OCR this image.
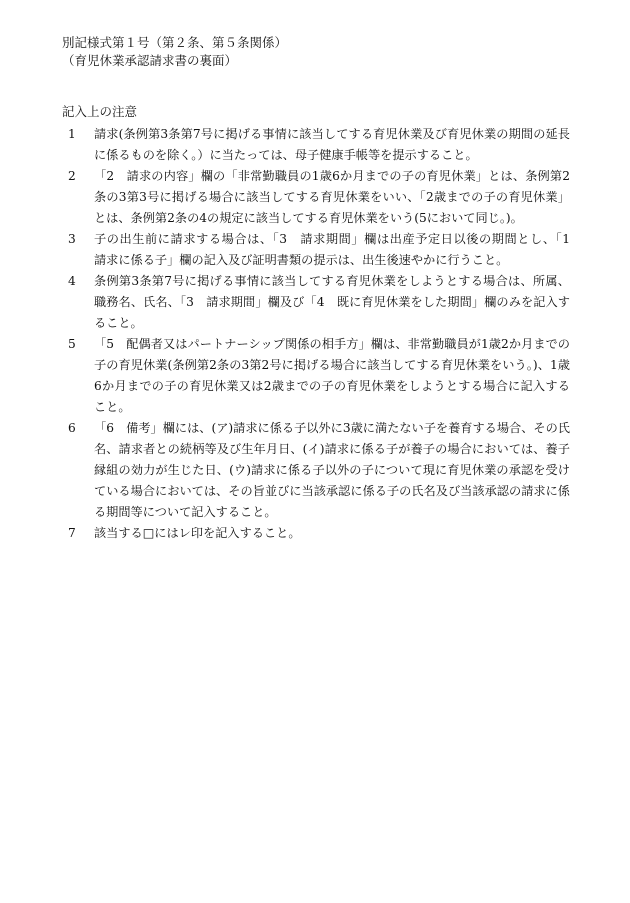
別記様式第１号（第２条、第５条関係）
（育児休業承認請求書の裏面）
記入上の注意
1	請求(条例第3条第7号に掲げる事情に該当してする育児休業及び育児休業の期間の延長に係るものを除く。）に当たっては、母子健康手帳等を提示すること。
2	「2　請求の内容」欄の「非常勤職員の1歳6か月までの子の育児休業」とは、条例第2条の3第3号に掲げる場合に該当してする育児休業をいい、「2歳までの子の育児休業」とは、条例第2条の4の規定に該当してする育児休業をいう(5において同じ。)。
3	子の出生前に請求する場合は、「3　請求期間」欄は出産予定日以後の期間とし、「1　請求に係る子」欄の記入及び証明書類の提示は、出生後速やかに行うこと。
4	条例第3条第7号に掲げる事情に該当してする育児休業をしようとする場合は、所属、職務名、氏名、「3　請求期間」欄及び「4　既に育児休業をした期間」欄のみを記入すること。
5	「5　配偶者又はパートナーシップ関係の相手方」欄は、非常勤職員が1歳2か月までの子の育児休業(条例第2条の3第2号に掲げる場合に該当してする育児休業をいう。)、1歳6か月までの子の育児休業又は2歳までの子の育児休業をしようとする場合に記入すること。
6	「6　備考」欄には、(ア)請求に係る子以外に3歳に満たない子を養育する場合、その氏名、請求者との続柄等及び生年月日、(イ)請求に係る子が養子の場合においては、養子縁組の効力が生じた日、(ウ)請求に係る子以外の子について現に育児休業の承認を受けている場合においては、その旨並びに当該承認に係る子の氏名及び当該承認の請求に係る期間等について記入すること。
7	該当する□にはレ印を記入すること。
